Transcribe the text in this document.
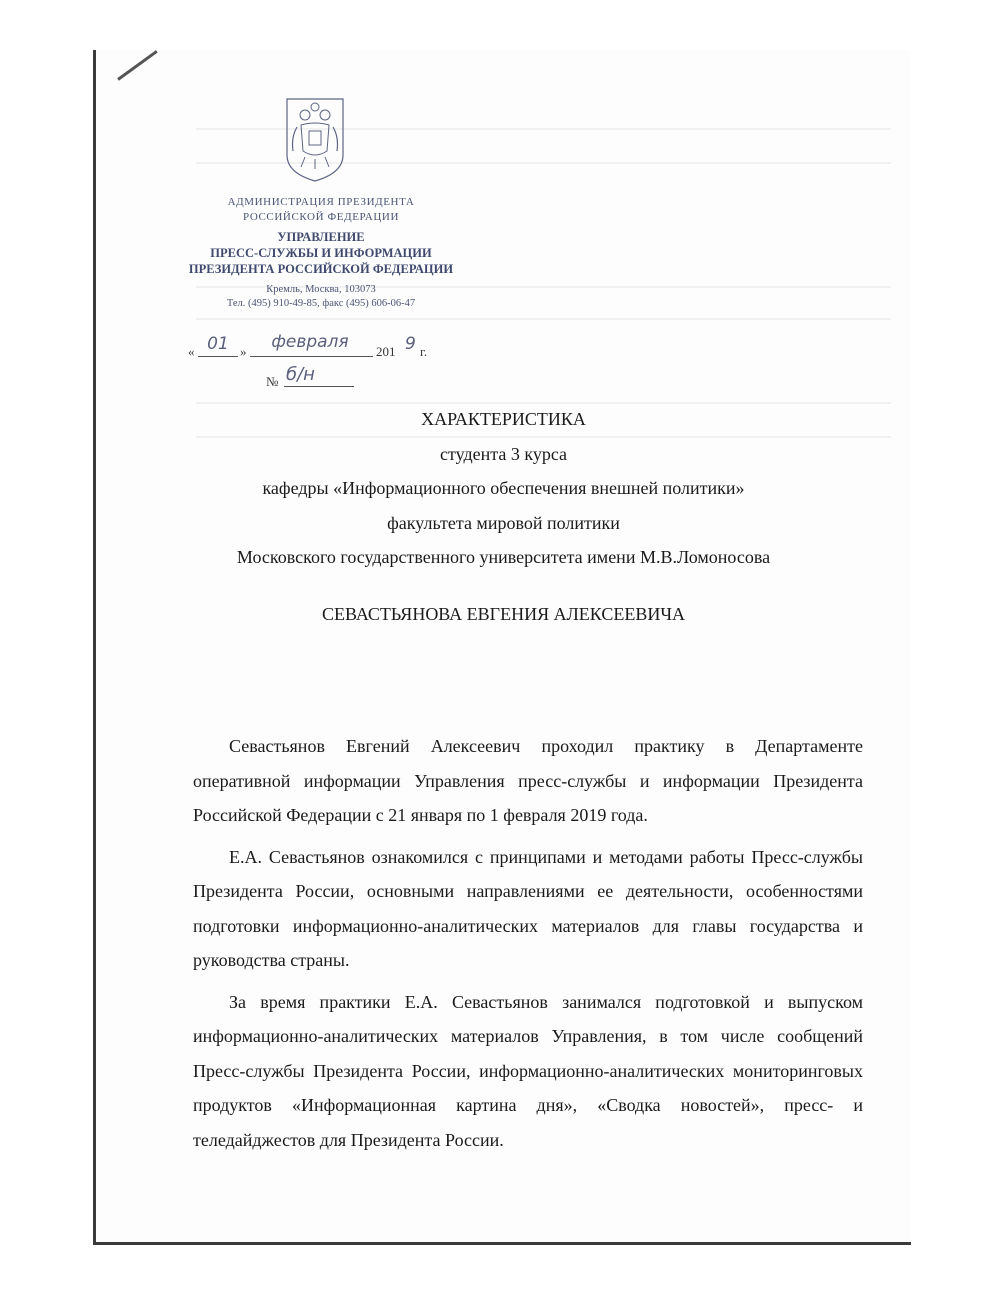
АДМИНИСТРАЦИЯ ПРЕЗИДЕНТА
РОССИЙСКОЙ ФЕДЕРАЦИИ
УПРАВЛЕНИЕ
ПРЕСС-СЛУЖБЫ И ИНФОРМАЦИИ
ПРЕЗИДЕНТА РОССИЙСКОЙ ФЕДЕРАЦИИ
Кремль, Москва, 103073
Тел. (495) 910-49-85, факс (495) 606-06-47
« 01 »	февраля	201 9 г.
№ б/н
ХАРАКТЕРИСТИКА
студента 3 курса
кафедры «Информационного обеспечения внешней политики»
факультета мировой политики
Московского государственного университета имени М.В.Ломоносова
СЕВАСТЬЯНОВА ЕВГЕНИЯ АЛЕКСЕЕВИЧА

Севастьянов Евгений Алексеевич проходил практику в Департаменте оперативной информации Управления пресс-службы и информации Президента Российской Федерации с 21 января по 1 февраля 2019 года.

Е.А. Севастьянов ознакомился с принципами и методами работы Пресс-службы Президента России, основными направлениями ее деятельности, особенностями подготовки информационно-аналитических материалов для главы государства и руководства страны.

За время практики Е.А. Севастьянов занимался подготовкой и выпуском информационно-аналитических материалов Управления, в том числе сообщений Пресс-службы Президента России, информационно-аналитических мониторинговых продуктов «Информационная картина дня», «Сводка новостей», пресс- и теледайджестов для Президента России.
